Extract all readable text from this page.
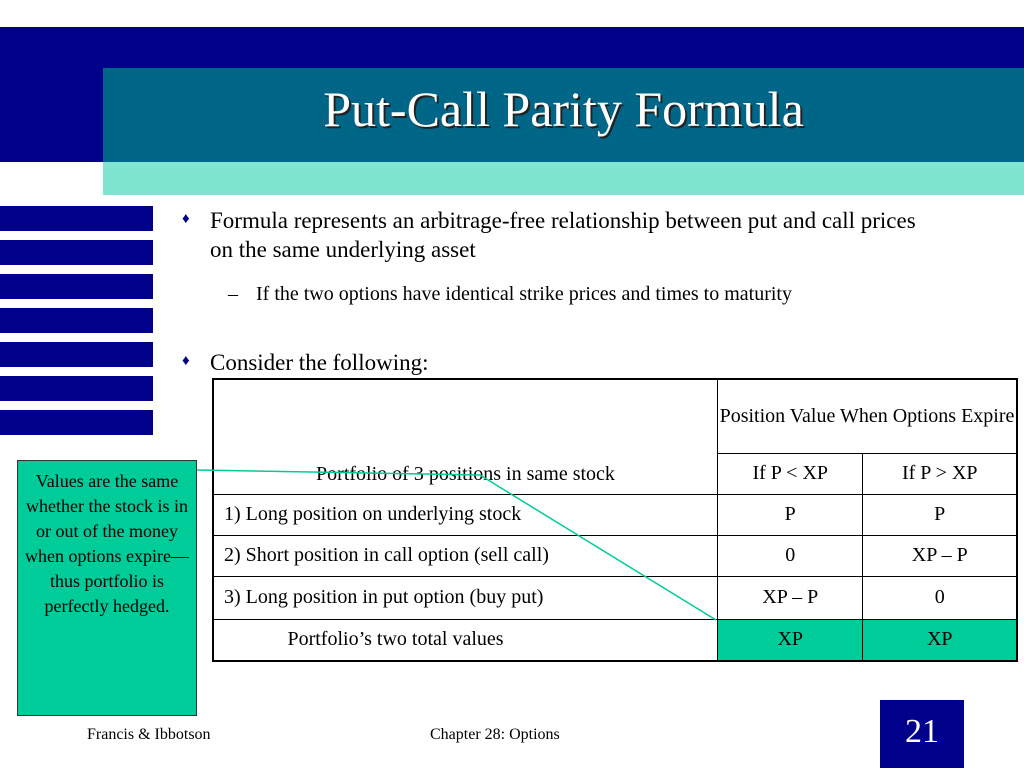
Put-Call Parity Formula
♦ Formula represents an arbitrage-free relationship between put and call prices on the same underlying asset
– If the two options have identical strike prices and times to maturity
♦ Consider the following:
Values are the same whether the stock is in or out of the money when options expire—thus portfolio is perfectly hedged.
Portfolio of 3 positions in same stock	Position Value When Options Expire	
	If P < XP	If P > XP
1) Long position on underlying stock	P	P
2) Short position in call option (sell call)	0	XP – P
3) Long position in put option (buy put)	XP – P	0
Portfolio’s two total values	XP	XP
Francis & Ibbotson	Chapter 28: Options	21
